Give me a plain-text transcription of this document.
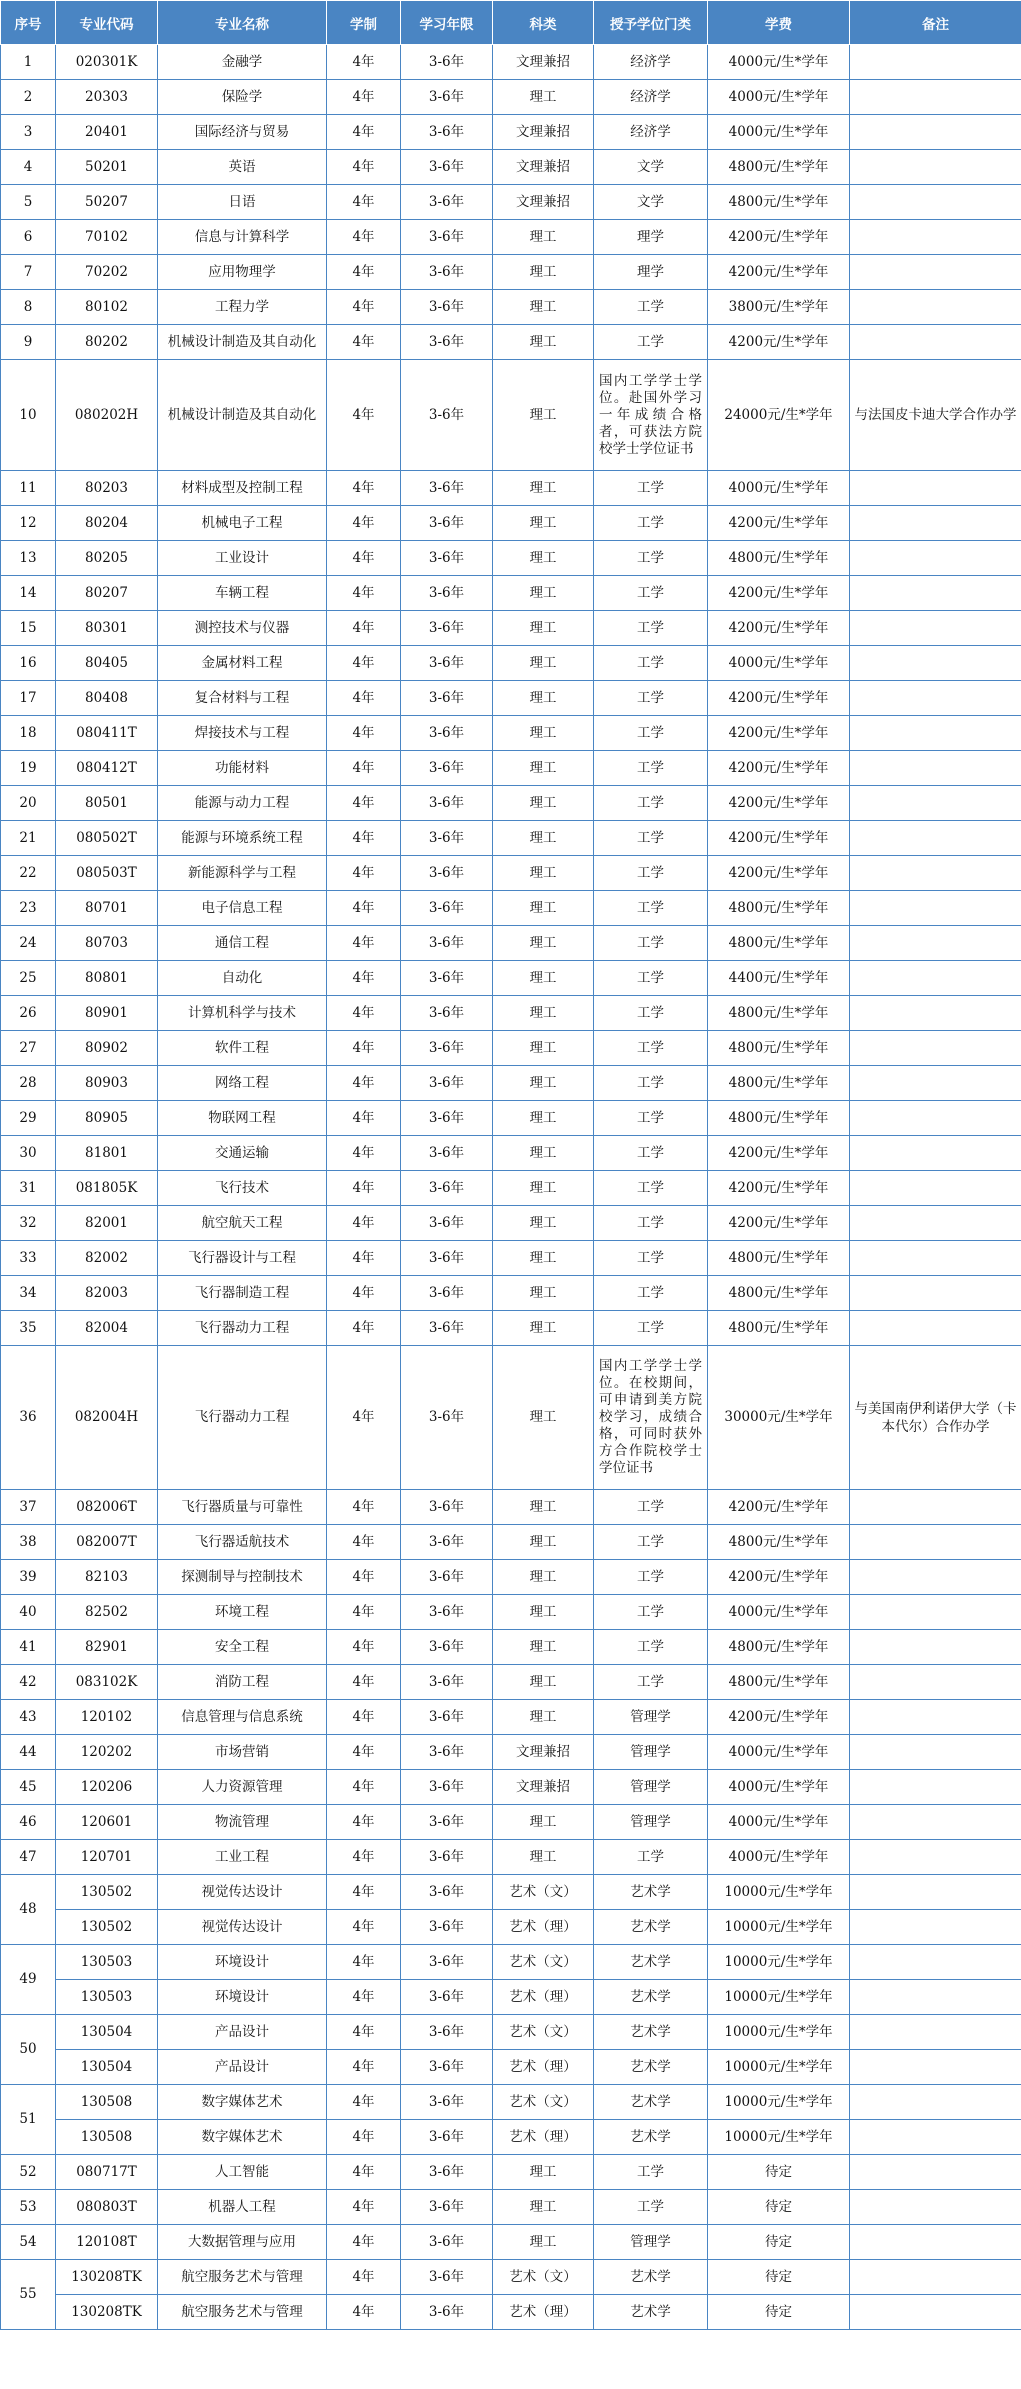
序号	专业代码	专业名称	学制	学习年限	科类	授予学位门类	学费	备注
1	020301K	金融学	4年	3-6年	文理兼招	经济学	4000元/生*学年	
2	20303	保险学	4年	3-6年	理工	经济学	4000元/生*学年	
3	20401	国际经济与贸易	4年	3-6年	文理兼招	经济学	4000元/生*学年	
4	50201	英语	4年	3-6年	文理兼招	文学	4800元/生*学年	
5	50207	日语	4年	3-6年	文理兼招	文学	4800元/生*学年	
6	70102	信息与计算科学	4年	3-6年	理工	理学	4200元/生*学年	
7	70202	应用物理学	4年	3-6年	理工	理学	4200元/生*学年	
8	80102	工程力学	4年	3-6年	理工	工学	3800元/生*学年	
9	80202	机械设计制造及其自动化	4年	3-6年	理工	工学	4200元/生*学年	
10	080202H	机械设计制造及其自动化	4年	3-6年	理工	国内工学学士学位。赴国外学习一年成绩合格者，可获法方院校学士学位证书	24000元/生*学年	与法国皮卡迪大学合作办学

11	80203	材料成型及控制工程	4年	3-6年	理工	工学	4000元/生*学年	
12	80204	机械电子工程	4年	3-6年	理工	工学	4200元/生*学年	
13	80205	工业设计	4年	3-6年	理工	工学	4800元/生*学年	
14	80207	车辆工程	4年	3-6年	理工	工学	4200元/生*学年	
15	80301	测控技术与仪器	4年	3-6年	理工	工学	4200元/生*学年	
16	80405	金属材料工程	4年	3-6年	理工	工学	4000元/生*学年	
17	80408	复合材料与工程	4年	3-6年	理工	工学	4200元/生*学年	
18	080411T	焊接技术与工程	4年	3-6年	理工	工学	4200元/生*学年	
19	080412T	功能材料	4年	3-6年	理工	工学	4200元/生*学年	
20	80501	能源与动力工程	4年	3-6年	理工	工学	4200元/生*学年	
21	080502T	能源与环境系统工程	4年	3-6年	理工	工学	4200元/生*学年	
22	080503T	新能源科学与工程	4年	3-6年	理工	工学	4200元/生*学年	
23	80701	电子信息工程	4年	3-6年	理工	工学	4800元/生*学年	
24	80703	通信工程	4年	3-6年	理工	工学	4800元/生*学年	
25	80801	自动化	4年	3-6年	理工	工学	4400元/生*学年	
26	80901	计算机科学与技术	4年	3-6年	理工	工学	4800元/生*学年	
27	80902	软件工程	4年	3-6年	理工	工学	4800元/生*学年	
28	80903	网络工程	4年	3-6年	理工	工学	4800元/生*学年	
29	80905	物联网工程	4年	3-6年	理工	工学	4800元/生*学年	
30	81801	交通运输	4年	3-6年	理工	工学	4200元/生*学年	
31	081805K	飞行技术	4年	3-6年	理工	工学	4200元/生*学年	
32	82001	航空航天工程	4年	3-6年	理工	工学	4200元/生*学年	
33	82002	飞行器设计与工程	4年	3-6年	理工	工学	4800元/生*学年	
34	82003	飞行器制造工程	4年	3-6年	理工	工学	4800元/生*学年	
35	82004	飞行器动力工程	4年	3-6年	理工	工学	4800元/生*学年	
36	082004H	飞行器动力工程	4年	3-6年	理工	国内工学学士学位。在校期间，可申请到美方院校学习，成绩合格，可同时获外方合作院校学士学位证书	30000元/生*学年	与美国南伊利诺伊大学（卡本代尔）合作办学

37	082006T	飞行器质量与可靠性	4年	3-6年	理工	工学	4200元/生*学年	
38	082007T	飞行器适航技术	4年	3-6年	理工	工学	4800元/生*学年	
39	82103	探测制导与控制技术	4年	3-6年	理工	工学	4200元/生*学年	
40	82502	环境工程	4年	3-6年	理工	工学	4000元/生*学年	
41	82901	安全工程	4年	3-6年	理工	工学	4800元/生*学年	
42	083102K	消防工程	4年	3-6年	理工	工学	4800元/生*学年	
43	120102	信息管理与信息系统	4年	3-6年	理工	管理学	4200元/生*学年	
44	120202	市场营销	4年	3-6年	文理兼招	管理学	4000元/生*学年	
45	120206	人力资源管理	4年	3-6年	文理兼招	管理学	4000元/生*学年	
46	120601	物流管理	4年	3-6年	理工	管理学	4000元/生*学年	
47	120701	工业工程	4年	3-6年	理工	工学	4000元/生*学年	
48	130502	视觉传达设计	4年	3-6年	艺术（文）	艺术学	10000元/生*学年	
	130502	视觉传达设计	4年	3-6年	艺术（理）	艺术学	10000元/生*学年	
49	130503	环境设计	4年	3-6年	艺术（文）	艺术学	10000元/生*学年	
	130503	环境设计	4年	3-6年	艺术（理）	艺术学	10000元/生*学年	
50	130504	产品设计	4年	3-6年	艺术（文）	艺术学	10000元/生*学年	
	130504	产品设计	4年	3-6年	艺术（理）	艺术学	10000元/生*学年	
51	130508	数字媒体艺术	4年	3-6年	艺术（文）	艺术学	10000元/生*学年	
	130508	数字媒体艺术	4年	3-6年	艺术（理）	艺术学	10000元/生*学年	
52	080717T	人工智能	4年	3-6年	理工	工学	待定	
53	080803T	机器人工程	4年	3-6年	理工	工学	待定	
54	120108T	大数据管理与应用	4年	3-6年	理工	管理学	待定	
55	130208TK	航空服务艺术与管理	4年	3-6年	艺术（文）	艺术学	待定	
	130208TK	航空服务艺术与管理	4年	3-6年	艺术（理）	艺术学	待定	
